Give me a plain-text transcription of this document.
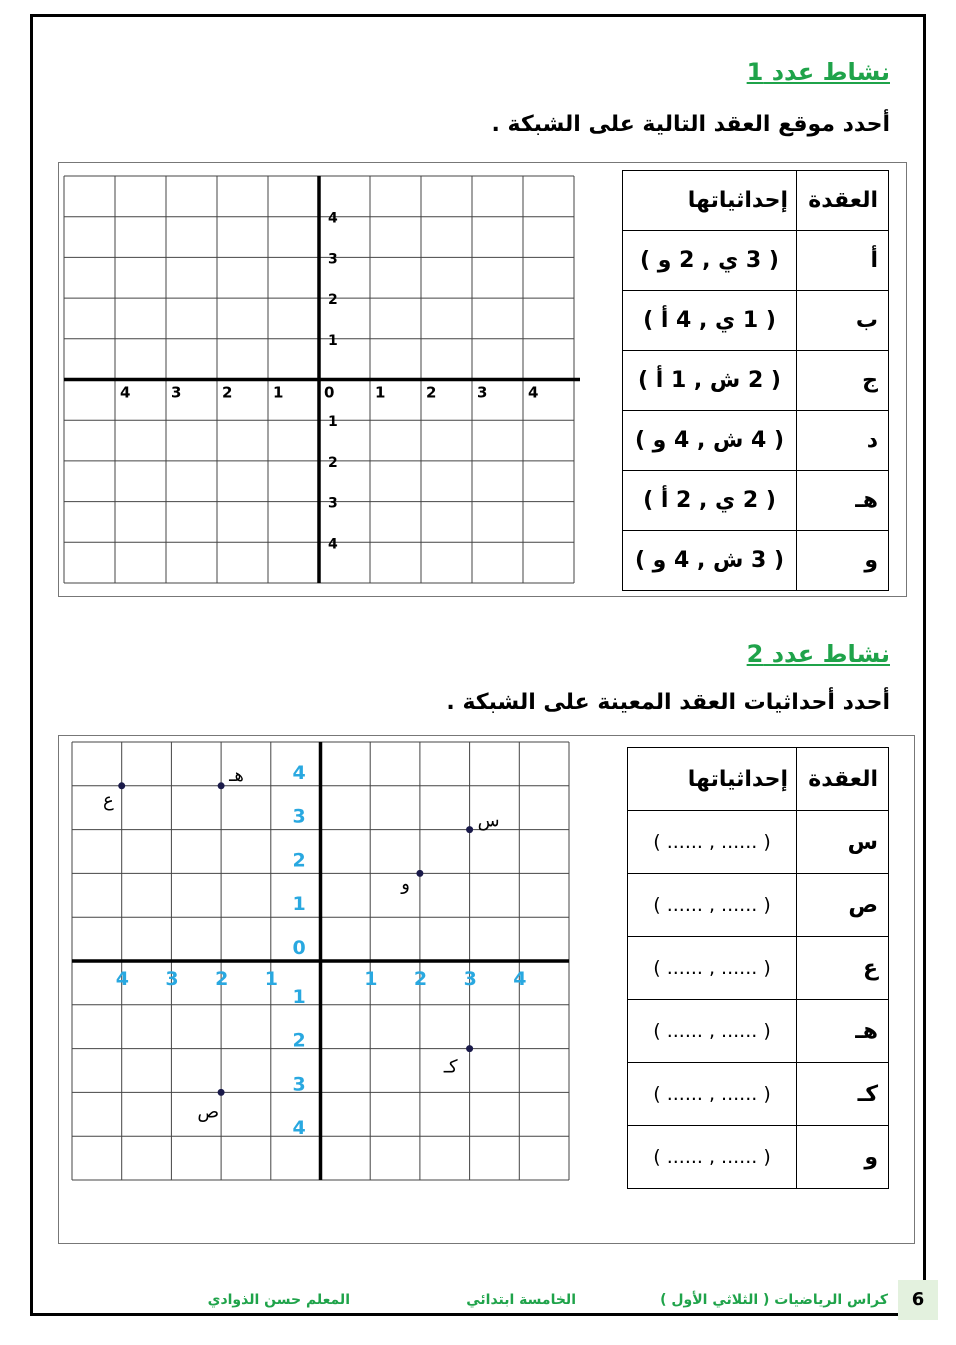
نشاط عدد 1
أحدد موقع العقد التالية على الشبكة .
4	3	2	1	0	1	2	3	4
1
2
3
4
1
2
3
4
العقدة	إحداثياتها
أ	( 3 ي , 2 و )
ب	( 1 ي , 4 أ )
ج	( 2 ش , 1 أ )
د	( 4 ش , 4 و )
هـ	( 2 ي , 2 أ )
و	( 3 ش , 4 و )
نشاط عدد 2
أحدد أحداثيات العقد المعينة على الشبكة .
4 3 2 1	1 2 3 4
0
1
2
3
4
1
2
3
4
ع
هـ
س
و
كـ
ص
العقدة	إحداثياتها
س	( ...... , ...... )
ص	( ...... , ...... )
ع	( ...... , ...... )
هـ	( ...... , ...... )
كـ	( ...... , ...... )
و	( ...... , ...... )
6
كراس الرياضيات ( الثلاثي الأول )
الخامسة ابتدائي
المعلم حسن الذوادي
